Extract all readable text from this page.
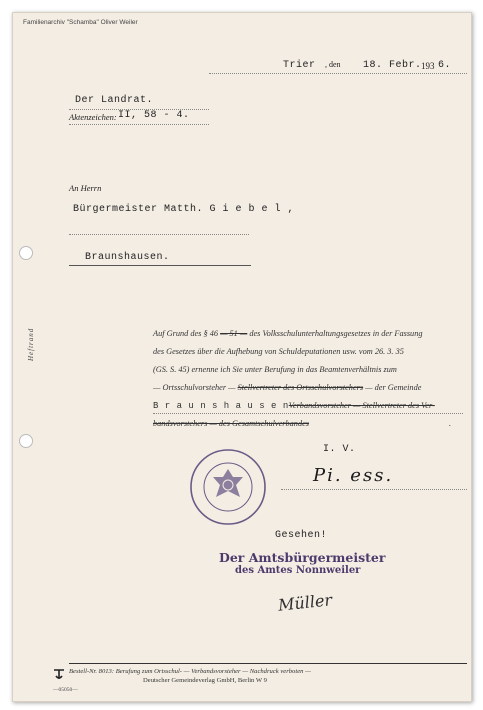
Familienarchiv "Schamba" Oliver Weiler
Trier , den 18. Febr. 193 6.
Der Landrat.
Aktenzeichen: II, 58 - 4.
An Herrn
Bürgermeister Matth. G i e b e l ,
Braunshausen.
Heftrand	Auf Grund des § 46 — 51 — des Volksschulunterhaltungsgesetzes in der Fassung
des Gesetzes über die Aufhebung von Schuldeputationen usw. vom 26. 3. 35
(GS. S. 45) ernenne ich Sie unter Berufung in das Beamtenverhältnis zum
— Ortsschulvorsteher — Stellvertreter des Ortsschulvorstehers — der Gemeinde
B r a u n s h a u s e nVerbandsvorsteher — Stellvertreter des Ver-
bandsvorstehers — des Gesamtschulverbandes	.
I. V.
Pi. ess.
Gesehen!
Der Amtsbürgermeister
des Amtes Nonnweiler
Müller
Bestell-Nr. 8013: Berufung zum Ortsschul- — Verbandsvorsteher — Nachdruck verboten —
Deutscher Gemeindeverlag GmbH, Berlin W 9
—05050—
